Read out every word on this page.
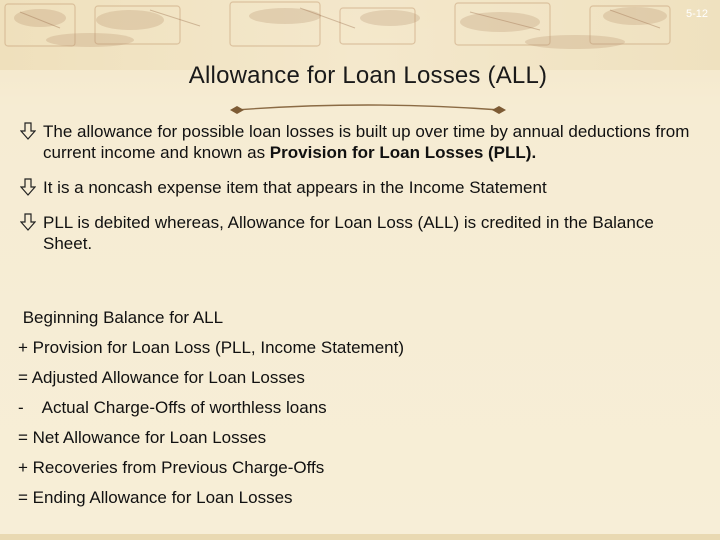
5-12
Allowance for Loan Losses (ALL)
The allowance for possible loan losses is built up over time by annual deductions from current income and known as Provision for Loan Losses (PLL).
It is a noncash expense item that appears in the Income Statement
PLL is debited whereas, Allowance for Loan Loss (ALL) is credited in the Balance Sheet.
Beginning Balance for ALL
+ Provision for Loan Loss (PLL, Income Statement)
= Adjusted Allowance for Loan Losses
-    Actual Charge-Offs of worthless loans
= Net Allowance for Loan Losses
+ Recoveries from Previous Charge-Offs
= Ending Allowance for Loan Losses
